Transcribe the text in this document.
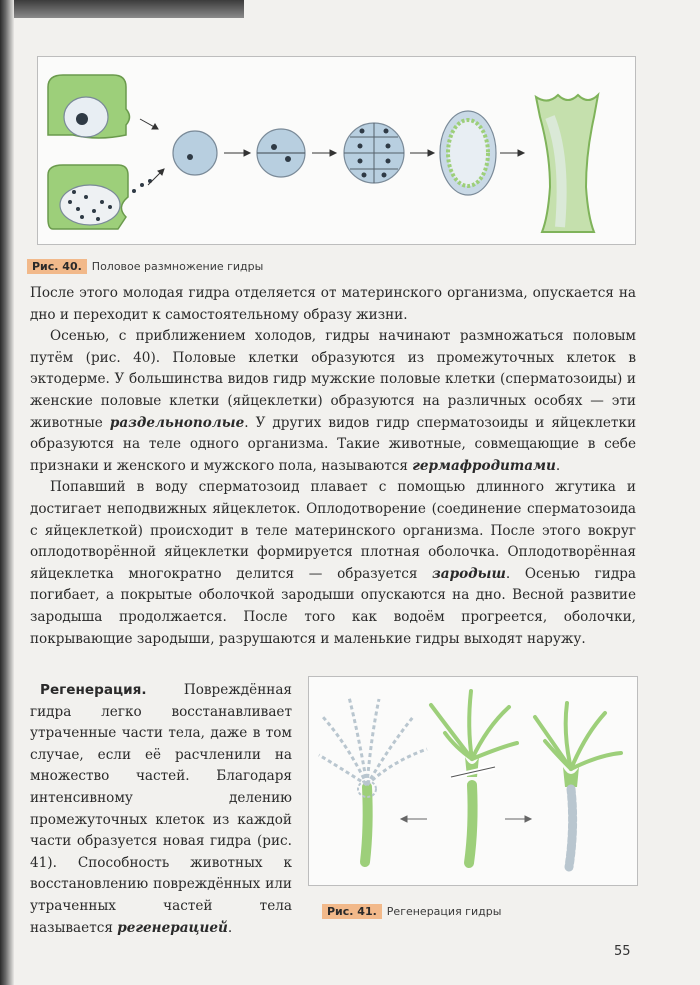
Рис. 40. Половое размножение гидры

После этого молодая гидра отделяется от материнского организма, опускается на дно и переходит к самостоятельному образу жизни.

Осенью, с приближением холодов, гидры начинают размножаться половым путём (рис. 40). Половые клетки образуются из промежуточных клеток в эктодерме. У большинства видов гидр мужские половые клетки (сперматозоиды) и женские половые клетки (яйцеклетки) образуются на различных особях — эти животные раздельнополые. У других видов гидр сперматозоиды и яйцеклетки образуются на теле одного организма. Такие животные, совмещающие в себе признаки и женского и мужского пола, называются гермафродитами.

Попавший в воду сперматозоид плавает с помощью длинного жгутика и достигает неподвижных яйцеклеток. Оплодотворение (соединение сперматозоида с яйцеклеткой) происходит в теле материнского организма. После этого вокруг оплодотворённой яйцеклетки формируется плотная оболочка. Оплодотворённая яйцеклетка многократно делится — образуется зародыш. Осенью гидра погибает, а покрытые оболочкой зародыши опускаются на дно. Весной развитие зародыша продолжается. После того как водоём прогреется, оболочки, покрывающие зародыши, разрушаются и маленькие гидры выходят наружу.

Регенерация. Повреждённая гидра легко восстанавливает утраченные части тела, даже в том случае, если её расчленили на множество частей. Благодаря интенсивному делению промежуточных клеток из каждой части образуется новая гидра (рис. 41). Способность животных к восстановлению повреждённых или утраченных частей тела называется регенерацией.

Рис. 41. Регенерация гидры
55
